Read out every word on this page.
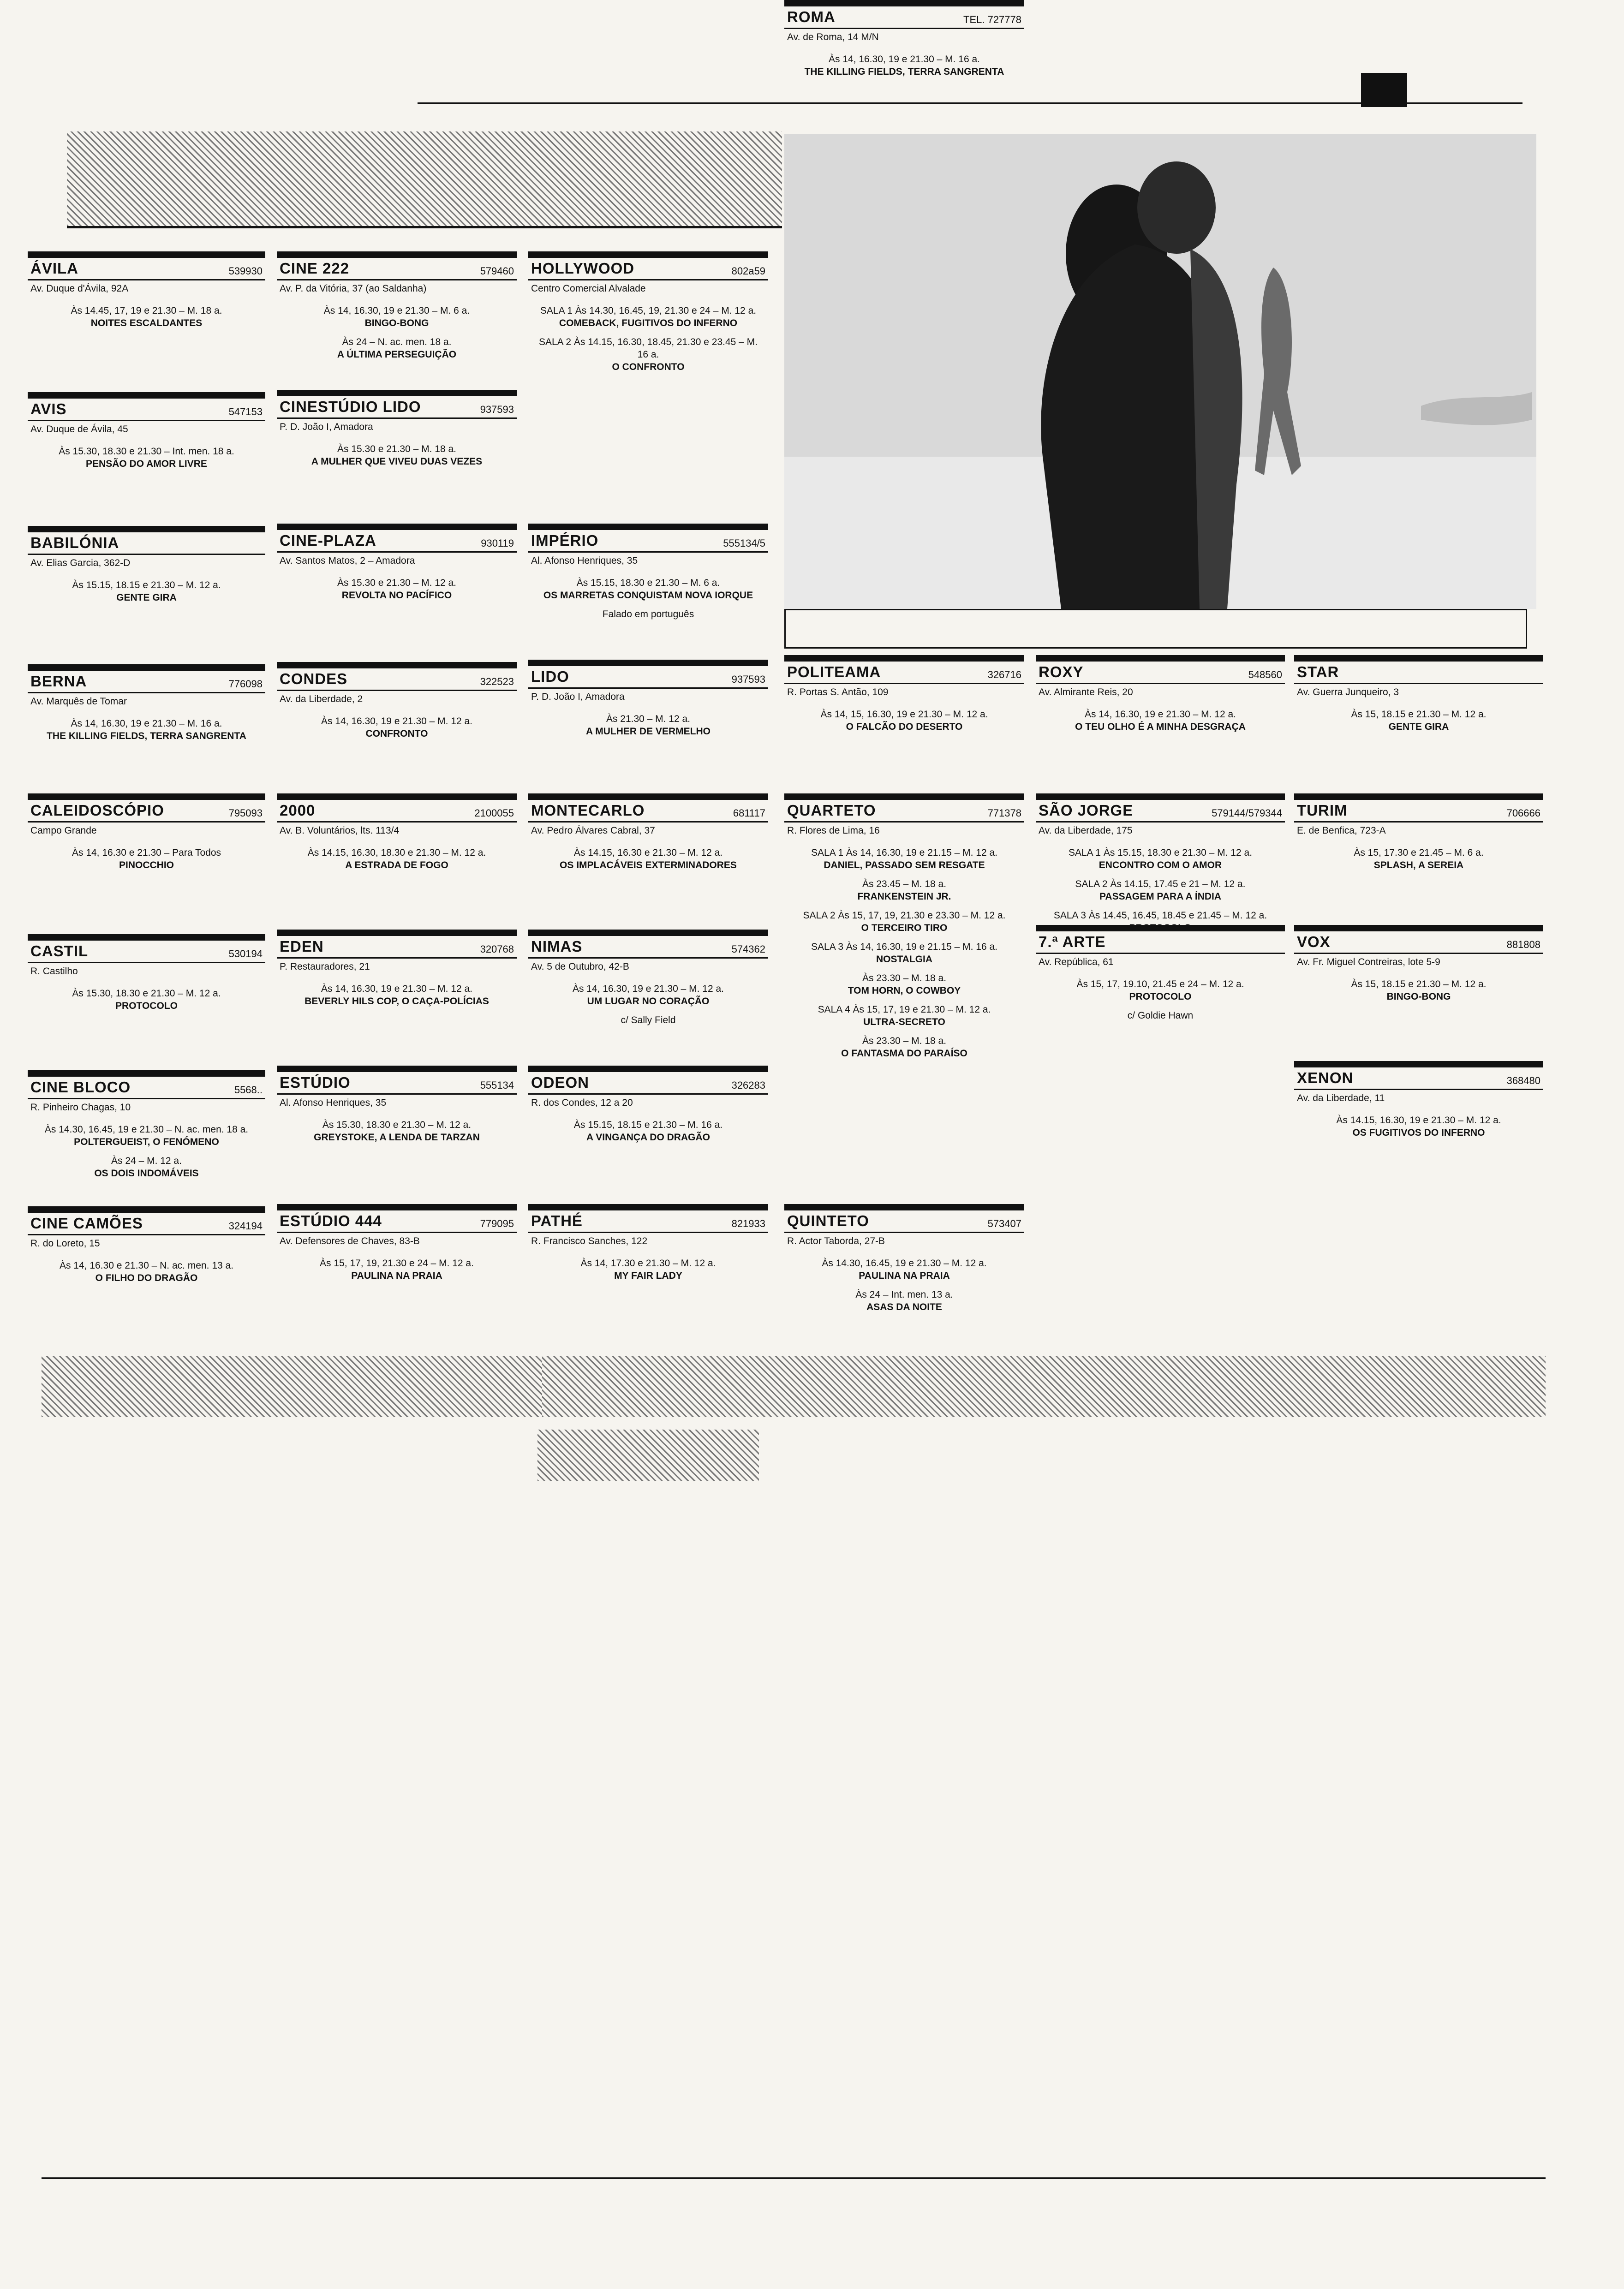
ÁVILA	539930
Av. Duque d'Ávila, 92A
Às 14.45, 17, 19 e 21.30 – M. 18 a.
NOITES ESCALDANTES
AVIS	547153
Av. Duque de Ávila, 45
Às 15.30, 18.30 e 21.30 – Int. men. 18 a.
PENSÃO DO AMOR LIVRE
BABILÓNIA
Av. Elias Garcia, 362-D
Às 15.15, 18.15 e 21.30 – M. 12 a.
GENTE GIRA
BERNA	776098
Av. Marquês de Tomar
Às 14, 16.30, 19 e 21.30 – M. 16 a.
THE KILLING FIELDS, TERRA SANGRENTA
CALEIDOSCÓPIO	795093
Campo Grande
Às 14, 16.30 e 21.30 – Para Todos
PINOCCHIO
CASTIL	530194
R. Castilho
Às 15.30, 18.30 e 21.30 – M. 12 a.
PROTOCOLO
CINE BLOCO	5568..
R. Pinheiro Chagas, 10
Às 14.30, 16.45, 19 e 21.30 – N. ac. men. 18 a.
POLTERGUEIST, O FENÓMENO
Às 24 – M. 12 a.
OS DOIS INDOMÁVEIS
CINE CAMÕES	324194
R. do Loreto, 15
Às 14, 16.30 e 21.30 – N. ac. men. 13 a.
O FILHO DO DRAGÃO
CINE 222	579460
Av. P. da Vitória, 37 (ao Saldanha)
Às 14, 16.30, 19 e 21.30 – M. 6 a.
BINGO-BONG
Às 24 – N. ac. men. 18 a.
A ÚLTIMA PERSEGUIÇÃO
CINESTÚDIO LIDO	937593
P. D. João I, Amadora
Às 15.30 e 21.30 – M. 18 a.
A MULHER QUE VIVEU DUAS VEZES
CINE-PLAZA	930119
Av. Santos Matos, 2 – Amadora
Às 15.30 e 21.30 – M. 12 a.
REVOLTA NO PACÍFICO
CONDES	322523
Av. da Liberdade, 2
Às 14, 16.30, 19 e 21.30 – M. 12 a.
CONFRONTO
2000	2100055
Av. B. Voluntários, lts. 113/4
Às 14.15, 16.30, 18.30 e 21.30 – M. 12 a.
A ESTRADA DE FOGO
EDEN	320768
P. Restauradores, 21
Às 14, 16.30, 19 e 21.30 – M. 12 a.
BEVERLY HILS COP, O CAÇA-POLÍCIAS
ESTÚDIO	555134
Al. Afonso Henriques, 35
Às 15.30, 18.30 e 21.30 – M. 12 a.
GREYSTOKE, A LENDA DE TARZAN
ESTÚDIO 444	779095
Av. Defensores de Chaves, 83-B
Às 15, 17, 19, 21.30 e 24 – M. 12 a.
PAULINA NA PRAIA
HOLLYWOOD	802a59
Centro Comercial Alvalade
SALA 1 Às 14.30, 16.45, 19, 21.30 e 24 – M. 12 a.
COMEBACK, FUGITIVOS DO INFERNO
SALA 2 Às 14.15, 16.30, 18.45, 21.30 e 23.45 – M. 16 a.
O CONFRONTO
IMPÉRIO	555134/5
Al. Afonso Henriques, 35
Às 15.15, 18.30 e 21.30 – M. 6 a.
OS MARRETAS CONQUISTAM NOVA IORQUE
Falado em português
LIDO	937593
P. D. João I, Amadora
Às 21.30 – M. 12 a.
A MULHER DE VERMELHO
MONTECARLO	681117
Av. Pedro Álvares Cabral, 37
Às 14.15, 16.30 e 21.30 – M. 12 a.
OS IMPLACÁVEIS EXTERMINADORES
NIMAS	574362
Av. 5 de Outubro, 42-B
Às 14, 16.30, 19 e 21.30 – M. 12 a.
UM LUGAR NO CORAÇÃO
c/ Sally Field
ODEON	326283
R. dos Condes, 12 a 20
Às 15.15, 18.15 e 21.30 – M. 16 a.
A VINGANÇA DO DRAGÃO
PATHÉ	821933
R. Francisco Sanches, 122
Às 14, 17.30 e 21.30 – M. 12 a.
MY FAIR LADY
POLITEAMA	326716
R. Portas S. Antão, 109
Às 14, 15, 16.30, 19 e 21.30 – M. 12 a.
O FALCÃO DO DESERTO
QUARTETO	771378
R. Flores de Lima, 16
SALA 1 Às 14, 16.30, 19 e 21.15 – M. 12 a.
DANIEL, PASSADO SEM RESGATE
Às 23.45 – M. 18 a.
FRANKENSTEIN JR.
SALA 2 Às 15, 17, 19, 21.30 e 23.30 – M. 12 a.
O TERCEIRO TIRO
SALA 3 Às 14, 16.30, 19 e 21.15 – M. 16 a.
NOSTALGIA
Às 23.30 – M. 18 a.
TOM HORN, O COWBOY
SALA 4 Às 15, 17, 19 e 21.30 – M. 12 a.
ULTRA-SECRETO
Às 23.30 – M. 18 a.
O FANTASMA DO PARAÍSO
QUINTETO	573407
R. Actor Taborda, 27-B
Às 14.30, 16.45, 19 e 21.30 – M. 12 a.
PAULINA NA PRAIA
Às 24 – Int. men. 13 a.
ASAS DA NOITE
ROMA	TEL. 727778
Av. de Roma, 14 M/N
Às 14, 16.30, 19 e 21.30 – M. 16 a.
THE KILLING FIELDS, TERRA SANGRENTA
ROXY	548560
Av. Almirante Reis, 20
Às 14, 16.30, 19 e 21.30 – M. 12 a.
O TEU OLHO É A MINHA DESGRAÇA
SÃO JORGE	579144/579344
Av. da Liberdade, 175
SALA 1 Às 15.15, 18.30 e 21.30 – M. 12 a.
ENCONTRO COM O AMOR
SALA 2 Às 14.15, 17.45 e 21 – M. 12 a.
PASSAGEM PARA A ÍNDIA
SALA 3 Às 14.45, 16.45, 18.45 e 21.45 – M. 12 a.
7.ª ARTE
Av. República, 61
Às 15, 17, 19.10, 21.45 e 24 – M. 12 a.
PROTOCOLO
c/ Goldie Hawn
STAR
Av. Guerra Junqueiro, 3
Às 15, 18.15 e 21.30 – M. 12 a.
GENTE GIRA
TURIM	706666
E. de Benfica, 723-A
Às 15, 17.30 e 21.45 – M. 6 a.
SPLASH, A SEREIA
VOX	881808
Av. Fr. Miguel Contreiras, lote 5-9
Às 15, 18.15 e 21.30 – M. 12 a.
BINGO-BONG
XENON	368480
Av. da Liberdade, 11
Às 14.15, 16.30, 19 e 21.30 – M. 12 a.
OS FUGITIVOS DO INFERNO
